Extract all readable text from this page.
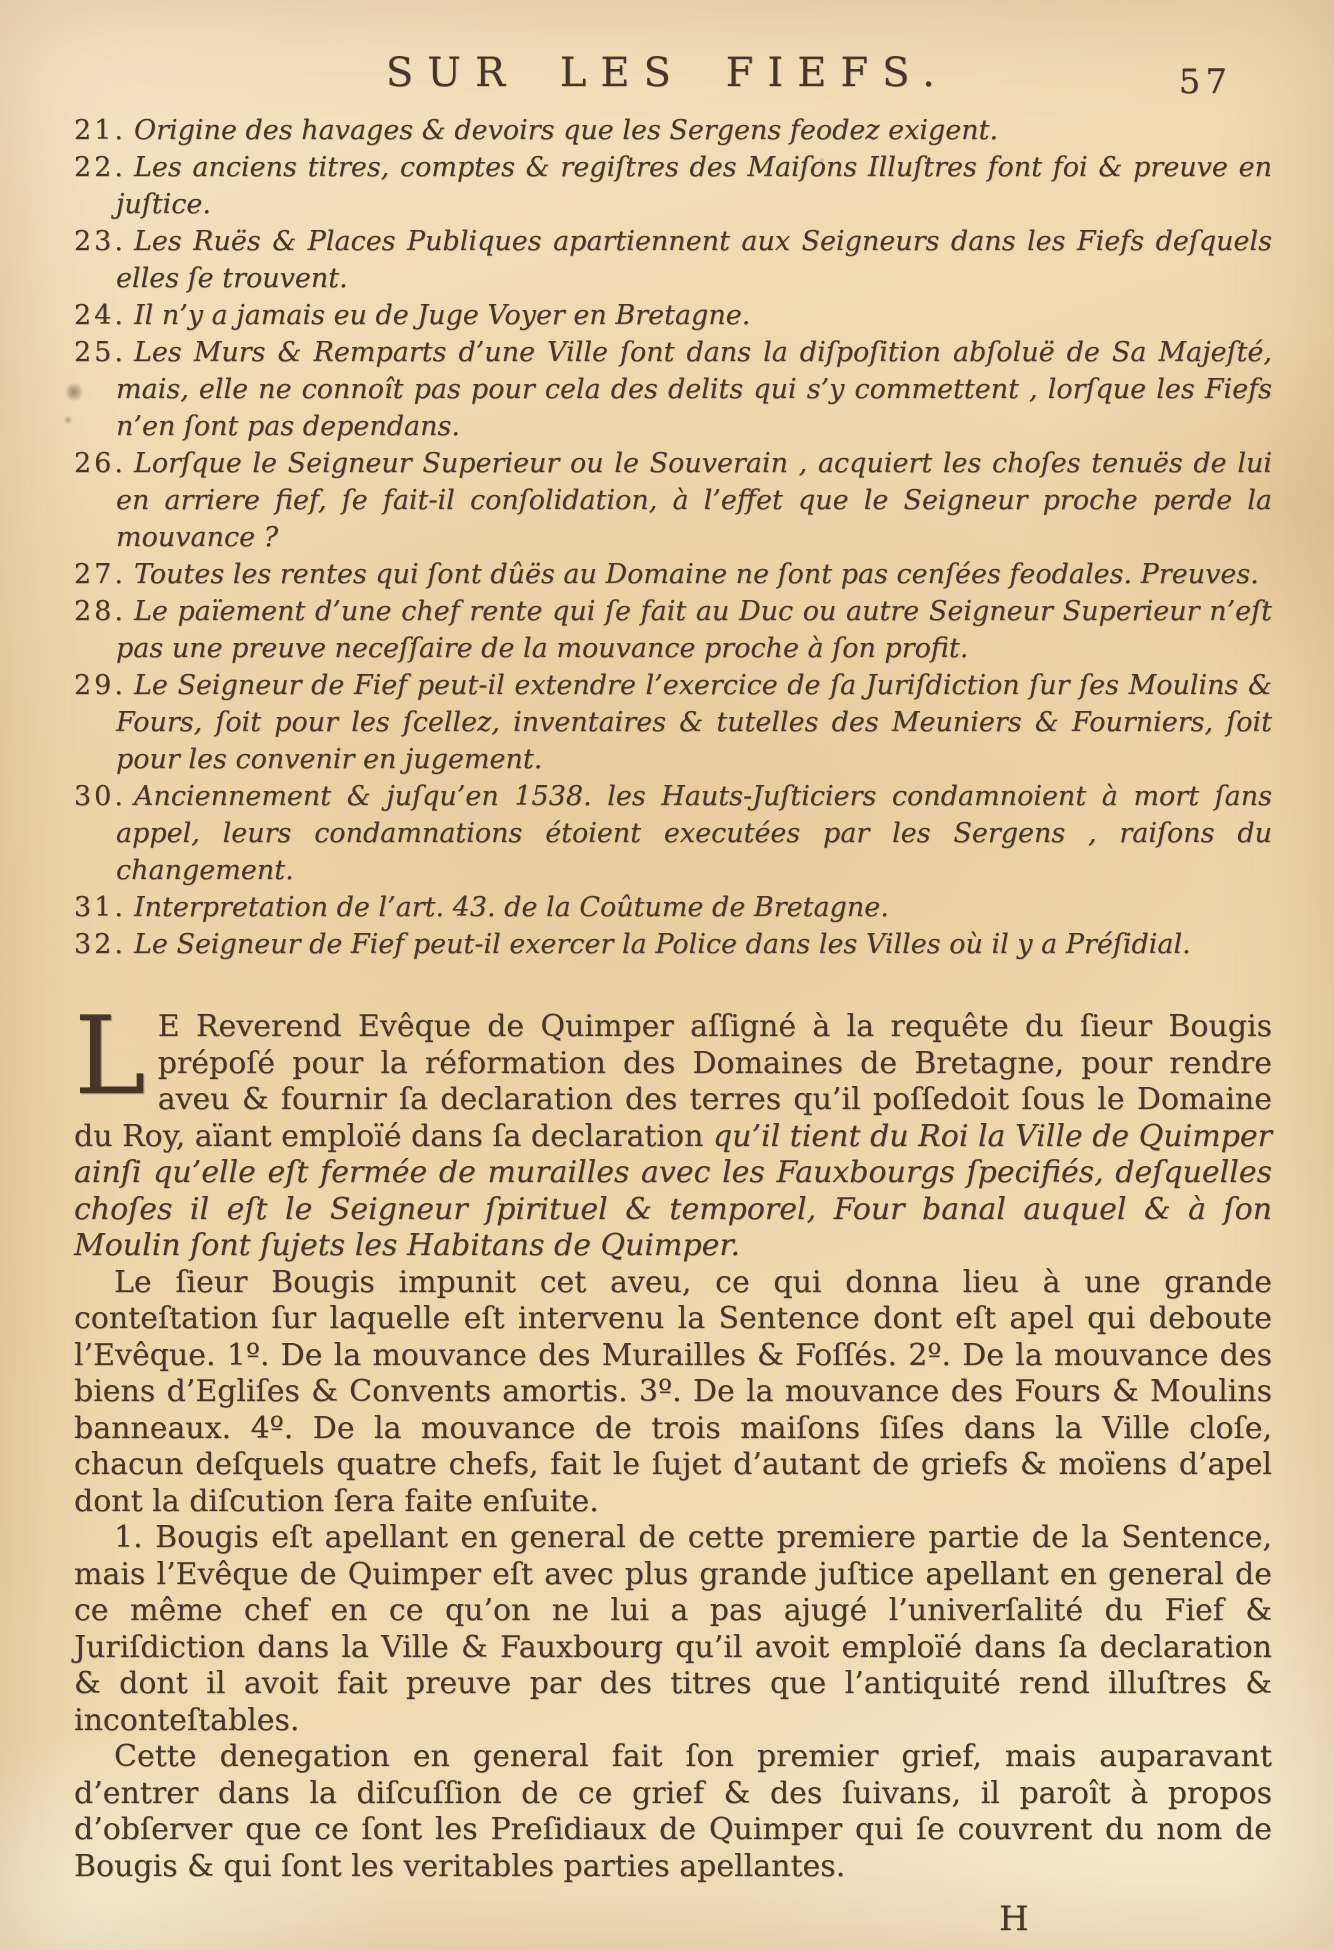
SUR LES FIEFS.	57
21. Origine des havages & devoirs que les Sergens feodez exigent.
22. Les anciens titres, comptes & regiſtres des Maiſons Illuſtres font foi & preuve en juſtice.
23. Les Ruës & Places Publiques apartiennent aux Seigneurs dans les Fiefs deſquels elles ſe trouvent.
24. Il n’y a jamais eu de Juge Voyer en Bretagne.
25. Les Murs & Remparts d’une Ville ſont dans la diſpoſition abſoluë de Sa Majeſté, mais, elle ne connoît pas pour cela des delits qui s’y commettent , lorſque les Fiefs n’en ſont pas dependans.
26. Lorſque le Seigneur Superieur ou le Souverain , acquiert les choſes tenuës de lui en arriere fief, ſe fait-il conſolidation, à l’effet que le Seigneur proche perde la mouvance ?
27. Toutes les rentes qui ſont dûës au Domaine ne ſont pas cenſées feodales. Preuves.
28. Le païement d’une chef rente qui ſe fait au Duc ou autre Seigneur Superieur n’eſt pas une preuve neceſſaire de la mouvance proche à ſon profit.
29. Le Seigneur de Fief peut-il extendre l’exercice de ſa Juriſdiction ſur ſes Moulins & Fours, ſoit pour les ſcellez, inventaires & tutelles des Meuniers & Fourniers, ſoit pour les convenir en jugement.
30. Anciennement & juſqu’en 1538. les Hauts-Juſticiers condamnoient à mort ſans appel, leurs condamnations étoient executées par les Sergens , raiſons du changement.
31. Interpretation de l’art. 43. de la Coûtume de Bretagne.
32. Le Seigneur de Fief peut-il exercer la Police dans les Villes où il y a Préſidial.

L E Reverend Evêque de Quimper aſſigné à la requête du ſieur Bougis prépoſé pour la réformation des Domaines de Bretagne, pour rendre aveu & fournir ſa declaration des terres qu’il poſſedoit ſous le Domaine du Roy, aïant emploïé dans ſa declaration qu’il tient du Roi la Ville de Quimper ainſi qu’elle eſt fermée de murailles avec les Fauxbourgs ſpecifiés, deſquelles choſes il eſt le Seigneur ſpirituel & temporel, Four banal auquel & à ſon Moulin ſont ſujets les Habitans de Quimper.

Le ſieur Bougis impunit cet aveu, ce qui donna lieu à une grande conteſtation ſur laquelle eſt intervenu la Sentence dont eſt apel qui deboute l’Evêque. 1º. De la mouvance des Murailles & Foſſés. 2º. De la mouvance des biens d’Egliſes & Convents amortis. 3º. De la mouvance des Fours & Moulins banneaux. 4º. De la mouvance de trois maiſons ſiſes dans la Ville cloſe, chacun deſquels quatre chefs, fait le ſujet d’autant de griefs & moïens d’apel dont la diſcution ſera faite enſuite.

1. Bougis eſt apellant en general de cette premiere partie de la Sentence, mais l’Evêque de Quimper eſt avec plus grande juſtice apellant en general de ce même chef en ce qu’on ne lui a pas ajugé l’univerſalité du Fief & Juriſdiction dans la Ville & Fauxbourg qu’il avoit emploïé dans ſa declaration & dont il avoit fait preuve par des titres que l’antiquité rend illuſtres & inconteſtables.

Cette denegation en general fait ſon premier grief, mais auparavant d’entrer dans la diſcuſſion de ce grief & des ſuivans, il paroît à propos d’obſerver que ce ſont les Preſidiaux de Quimper qui ſe couvrent du nom de Bougis & qui ſont les veritables parties apellantes.

H
